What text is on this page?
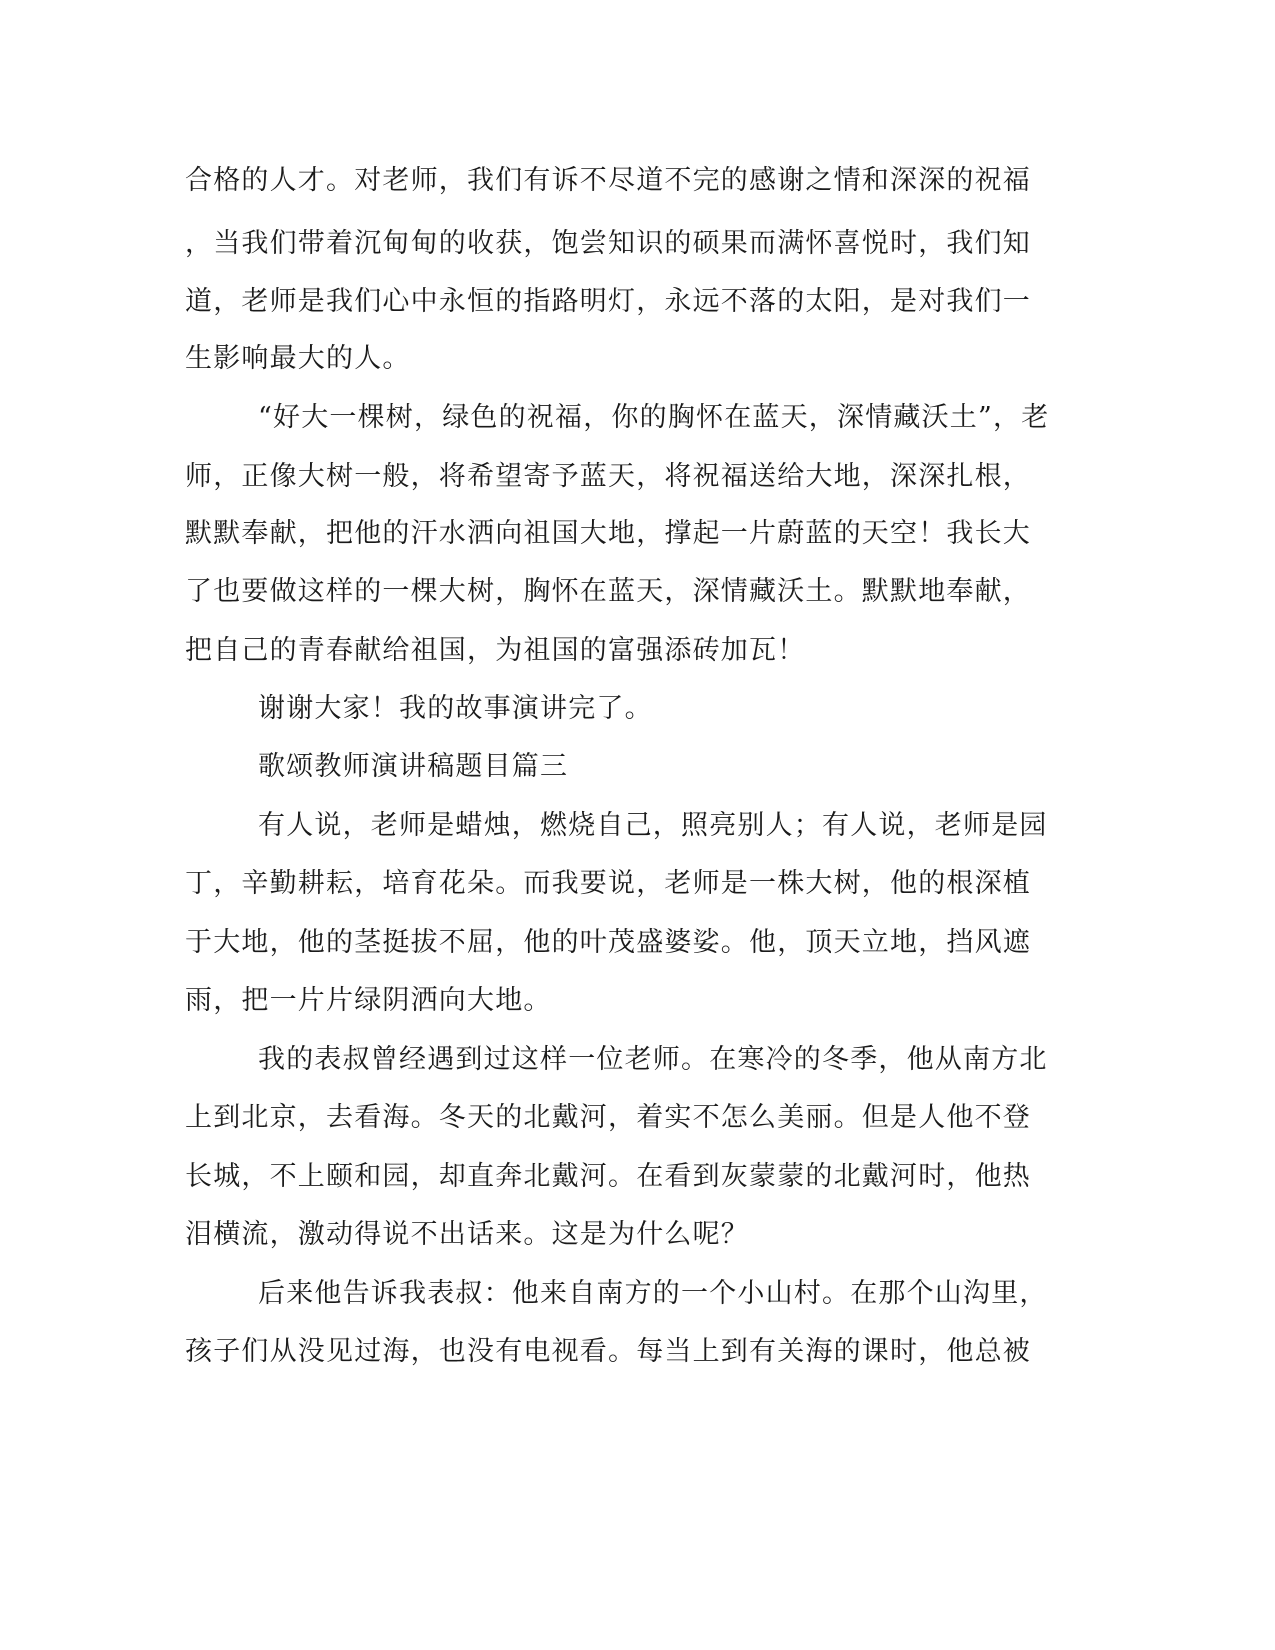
合格的人才。对老师，我们有诉不尽道不完的感谢之情和深深的祝福
，当我们带着沉甸甸的收获，饱尝知识的硕果而满怀喜悦时，我们知
道，老师是我们心中永恒的指路明灯，永远不落的太阳，是对我们一
生影响最大的人。
“好大一棵树，绿色的祝福，你的胸怀在蓝天，深情藏沃土”，老
师，正像大树一般，将希望寄予蓝天，将祝福送给大地，深深扎根，
默默奉献，把他的汗水洒向祖国大地，撑起一片蔚蓝的天空！我长大
了也要做这样的一棵大树，胸怀在蓝天，深情藏沃土。默默地奉献，
把自己的青春献给祖国，为祖国的富强添砖加瓦！
谢谢大家！我的故事演讲完了。
歌颂教师演讲稿题目篇三
有人说，老师是蜡烛，燃烧自己，照亮别人；有人说，老师是园
丁，辛勤耕耘，培育花朵。而我要说，老师是一株大树，他的根深植
于大地，他的茎挺拔不屈，他的叶茂盛婆娑。他，顶天立地，挡风遮
雨，把一片片绿阴洒向大地。
我的表叔曾经遇到过这样一位老师。在寒冷的冬季，他从南方北
上到北京，去看海。冬天的北戴河，着实不怎么美丽。但是人他不登
长城，不上颐和园，却直奔北戴河。在看到灰蒙蒙的北戴河时，他热
泪横流，激动得说不出话来。这是为什么呢？
后来他告诉我表叔：他来自南方的一个小山村。在那个山沟里，
孩子们从没见过海，也没有电视看。每当上到有关海的课时，他总被
